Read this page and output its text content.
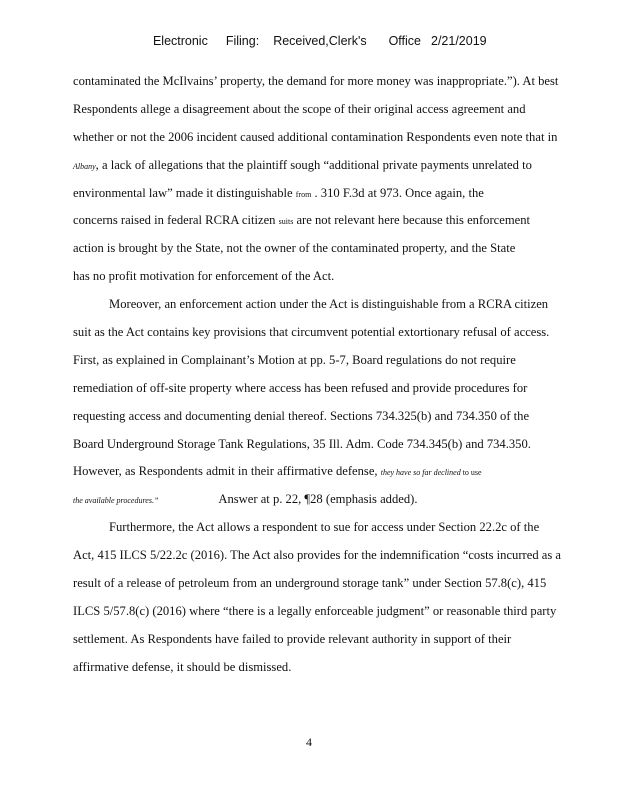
Electronic Filing: Received,Clerk's Office 2/21/2019

contaminated the McIlvains’ property, the demand for more money was inappropriate.”). At best
Respondents allege a disagreement about the scope of their original access agreement and
whether or not the 2006 incident caused additional contamination Respondents even note that in
Albany, a lack of allegations that the plaintiff sough “additional private payments unrelated to
environmental law” made it distinguishable from . 310 F.3d at 973. Once again, the
concerns raised in federal RCRA citizen suits are not relevant here because this enforcement
action is brought by the State, not the owner of the contaminated property, and the State
has no profit motivation for enforcement of the Act.
Moreover, an enforcement action under the Act is distinguishable from a RCRA citizen
suit as the Act contains key provisions that circumvent potential extortionary refusal of access.
First, as explained in Complainant’s Motion at pp. 5-7, Board regulations do not require
remediation of off-site property where access has been refused and provide procedures for
requesting access and documenting denial thereof. Sections 734.325(b) and 734.350 of the
Board Underground Storage Tank Regulations, 35 Ill. Adm. Code 734.345(b) and 734.350.
However, as Respondents admit in their affirmative defense, they have so far declined to use
the available procedures.”	Answer at p. 22, ¶28 (emphasis added).
Furthermore, the Act allows a respondent to sue for access under Section 22.2c of the
Act, 415 ILCS 5/22.2c (2016). The Act also provides for the indemnification “costs incurred as a
result of a release of petroleum from an underground storage tank” under Section 57.8(c), 415
ILCS 5/57.8(c) (2016) where “there is a legally enforceable judgment” or reasonable third party
settlement. As Respondents have failed to provide relevant authority in support of their
affirmative defense, it should be dismissed.
4
